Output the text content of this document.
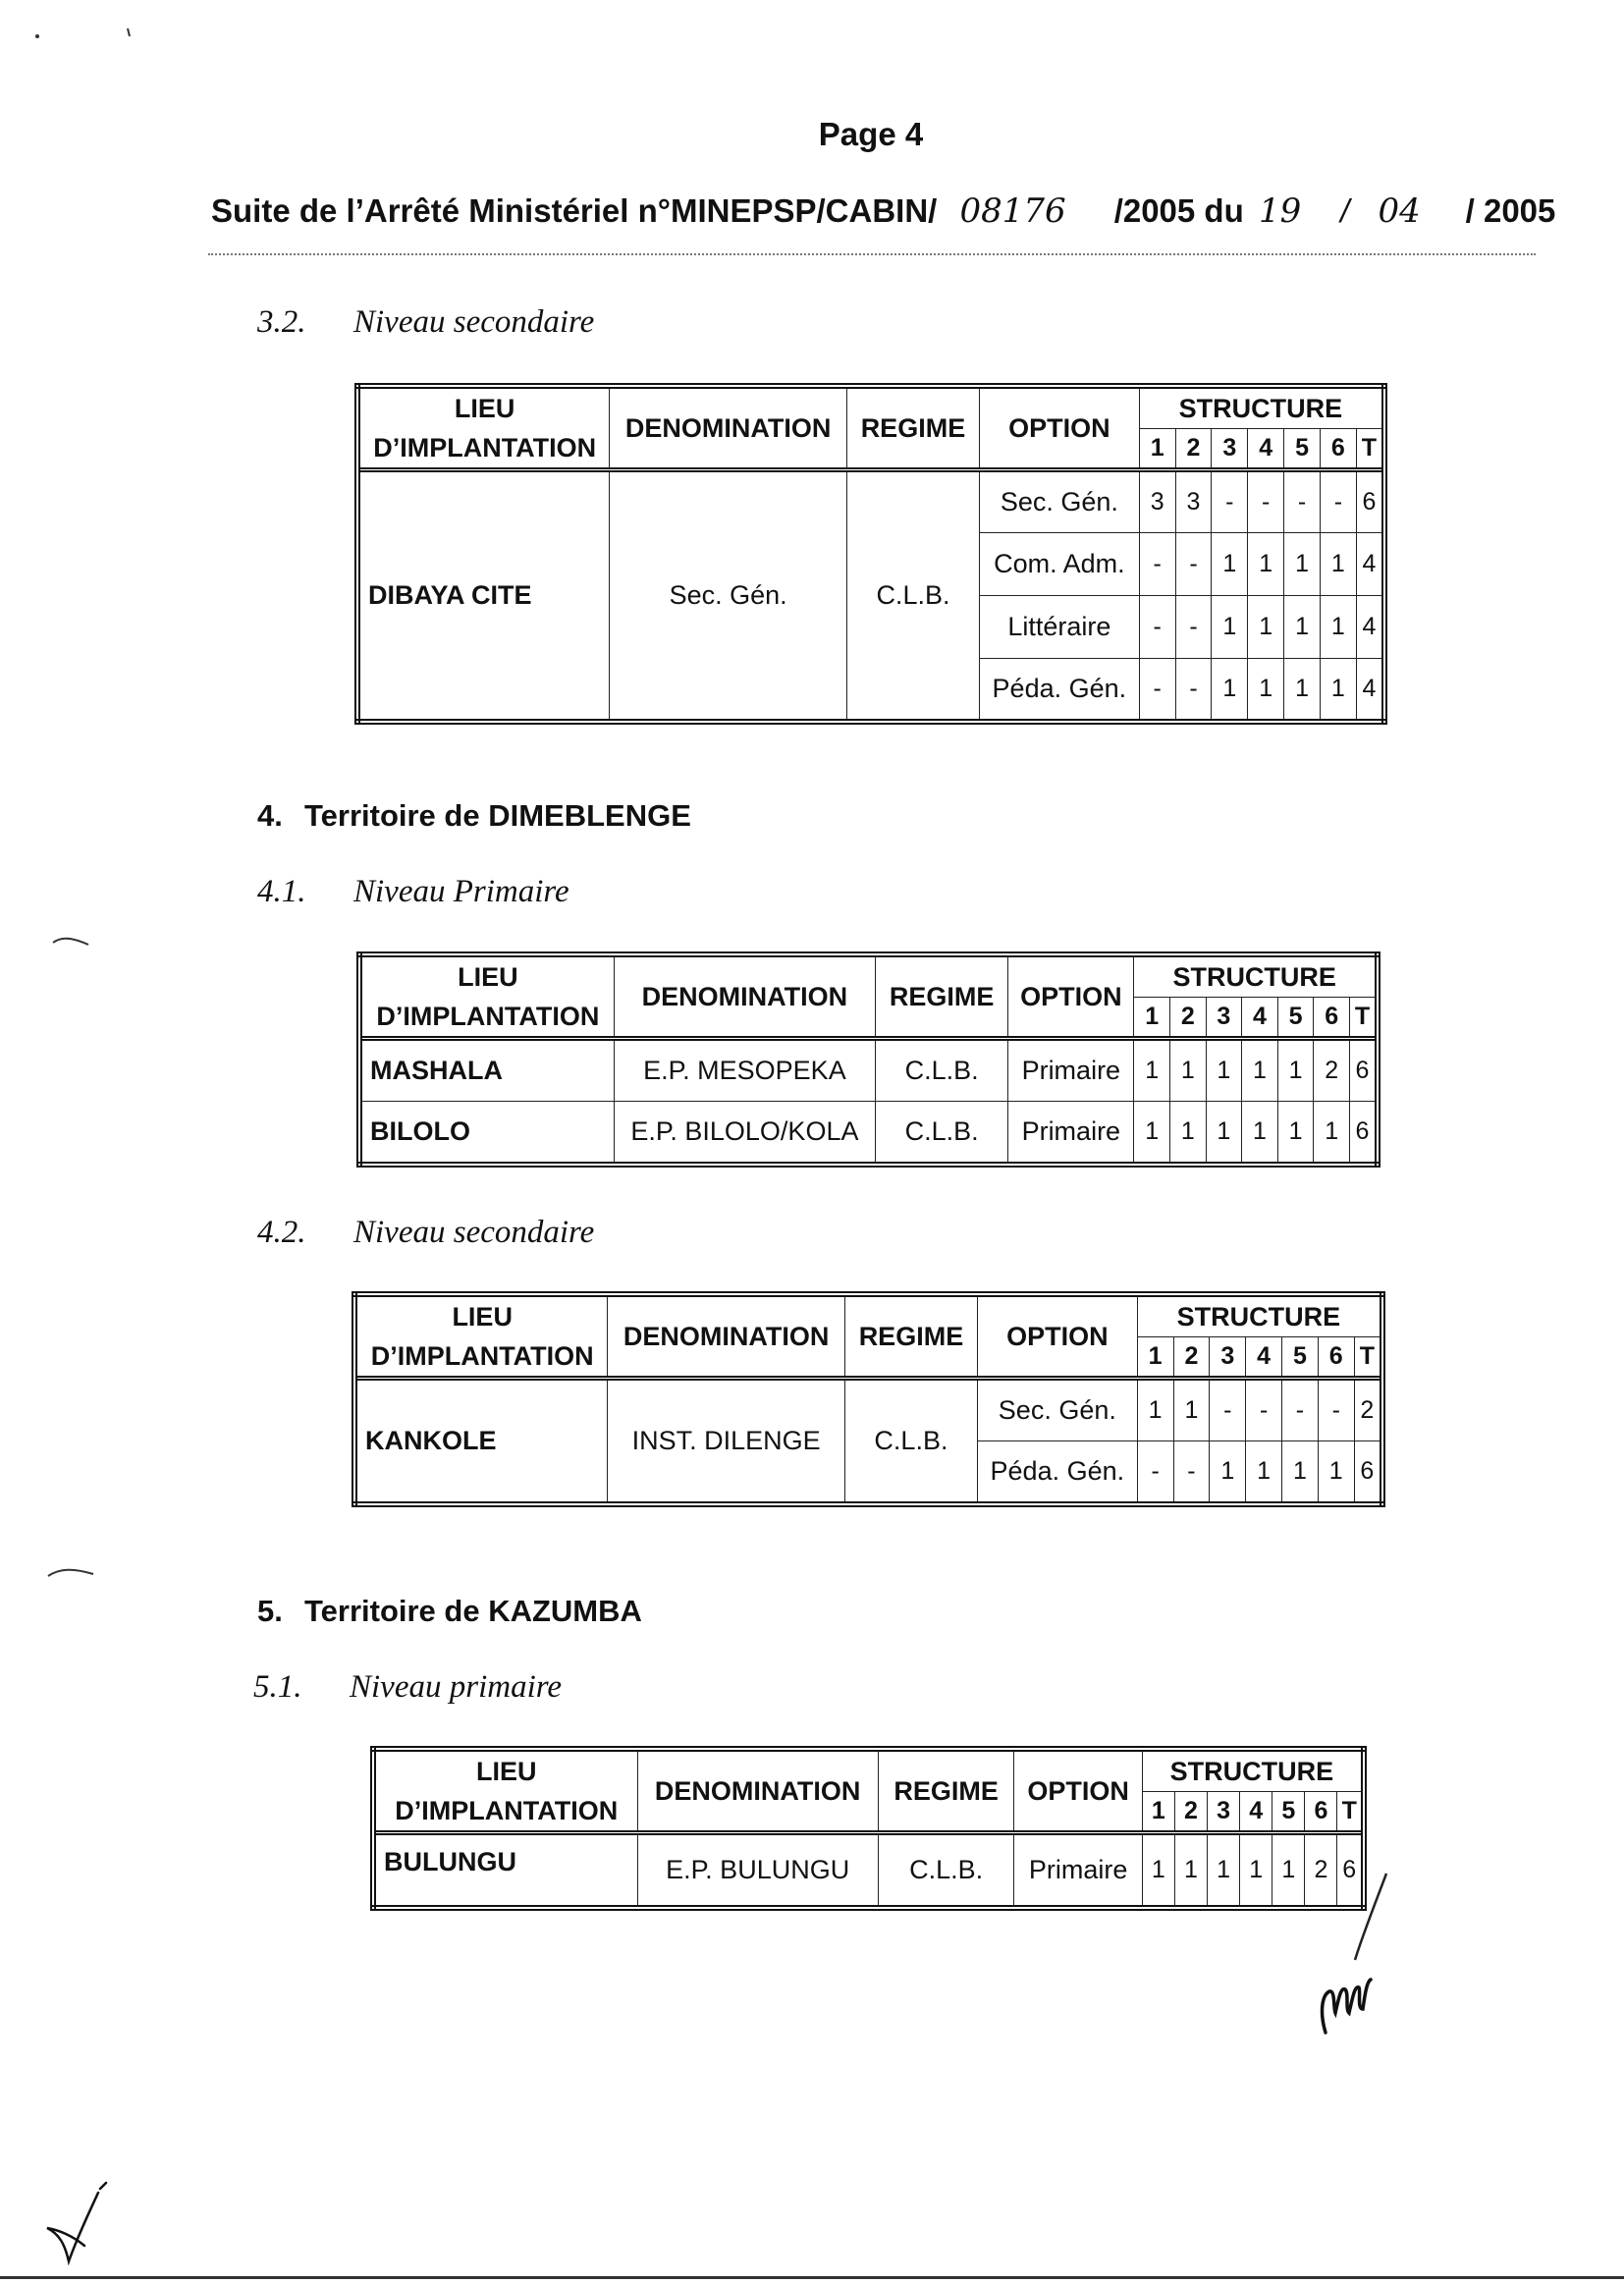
Page 4
Suite de l’Arrêté Ministériel n°MINEPSP/CABIN/ 08176 /2005 du 19 / 04 / 2005
3.2. Niveau secondaire
LIEU D’IMPLANTATION	DENOMINATION	REGIME	OPTION	STRUCTURE						
				1	2	3	4	5	6	T
DIBAYA CITE	Sec. Gén.	C.L.B.	Sec. Gén.	3	3	-	-	-	-	6
			Com. Adm.	-	-	1	1	1	1	4
			Littéraire	-	-	1	1	1	1	4
			Péda. Gén.	-	-	1	1	1	1	4
4. Territoire de DIMEBLENGE
4.1. Niveau Primaire
LIEU D’IMPLANTATION	DENOMINATION	REGIME	OPTION	STRUCTURE						
				1	2	3	4	5	6	T
MASHALA	E.P. MESOPEKA	C.L.B.	Primaire	1	1	1	1	1	2	6
BILOLO	E.P. BILOLO/KOLA	C.L.B.	Primaire	1	1	1	1	1	1	6
4.2. Niveau secondaire
LIEU D’IMPLANTATION	DENOMINATION	REGIME	OPTION	STRUCTURE						
				1	2	3	4	5	6	T
KANKOLE	INST. DILENGE	C.L.B.	Sec. Gén.	1	1	-	-	-	-	2
			Péda. Gén.	-	-	1	1	1	1	6
5. Territoire de KAZUMBA
5.1. Niveau primaire
LIEU D’IMPLANTATION	DENOMINATION	REGIME	OPTION	STRUCTURE						
				1	2	3	4	5	6	T
BULUNGU	E.P. BULUNGU	C.L.B.	Primaire	1	1	1	1	1	2	6
